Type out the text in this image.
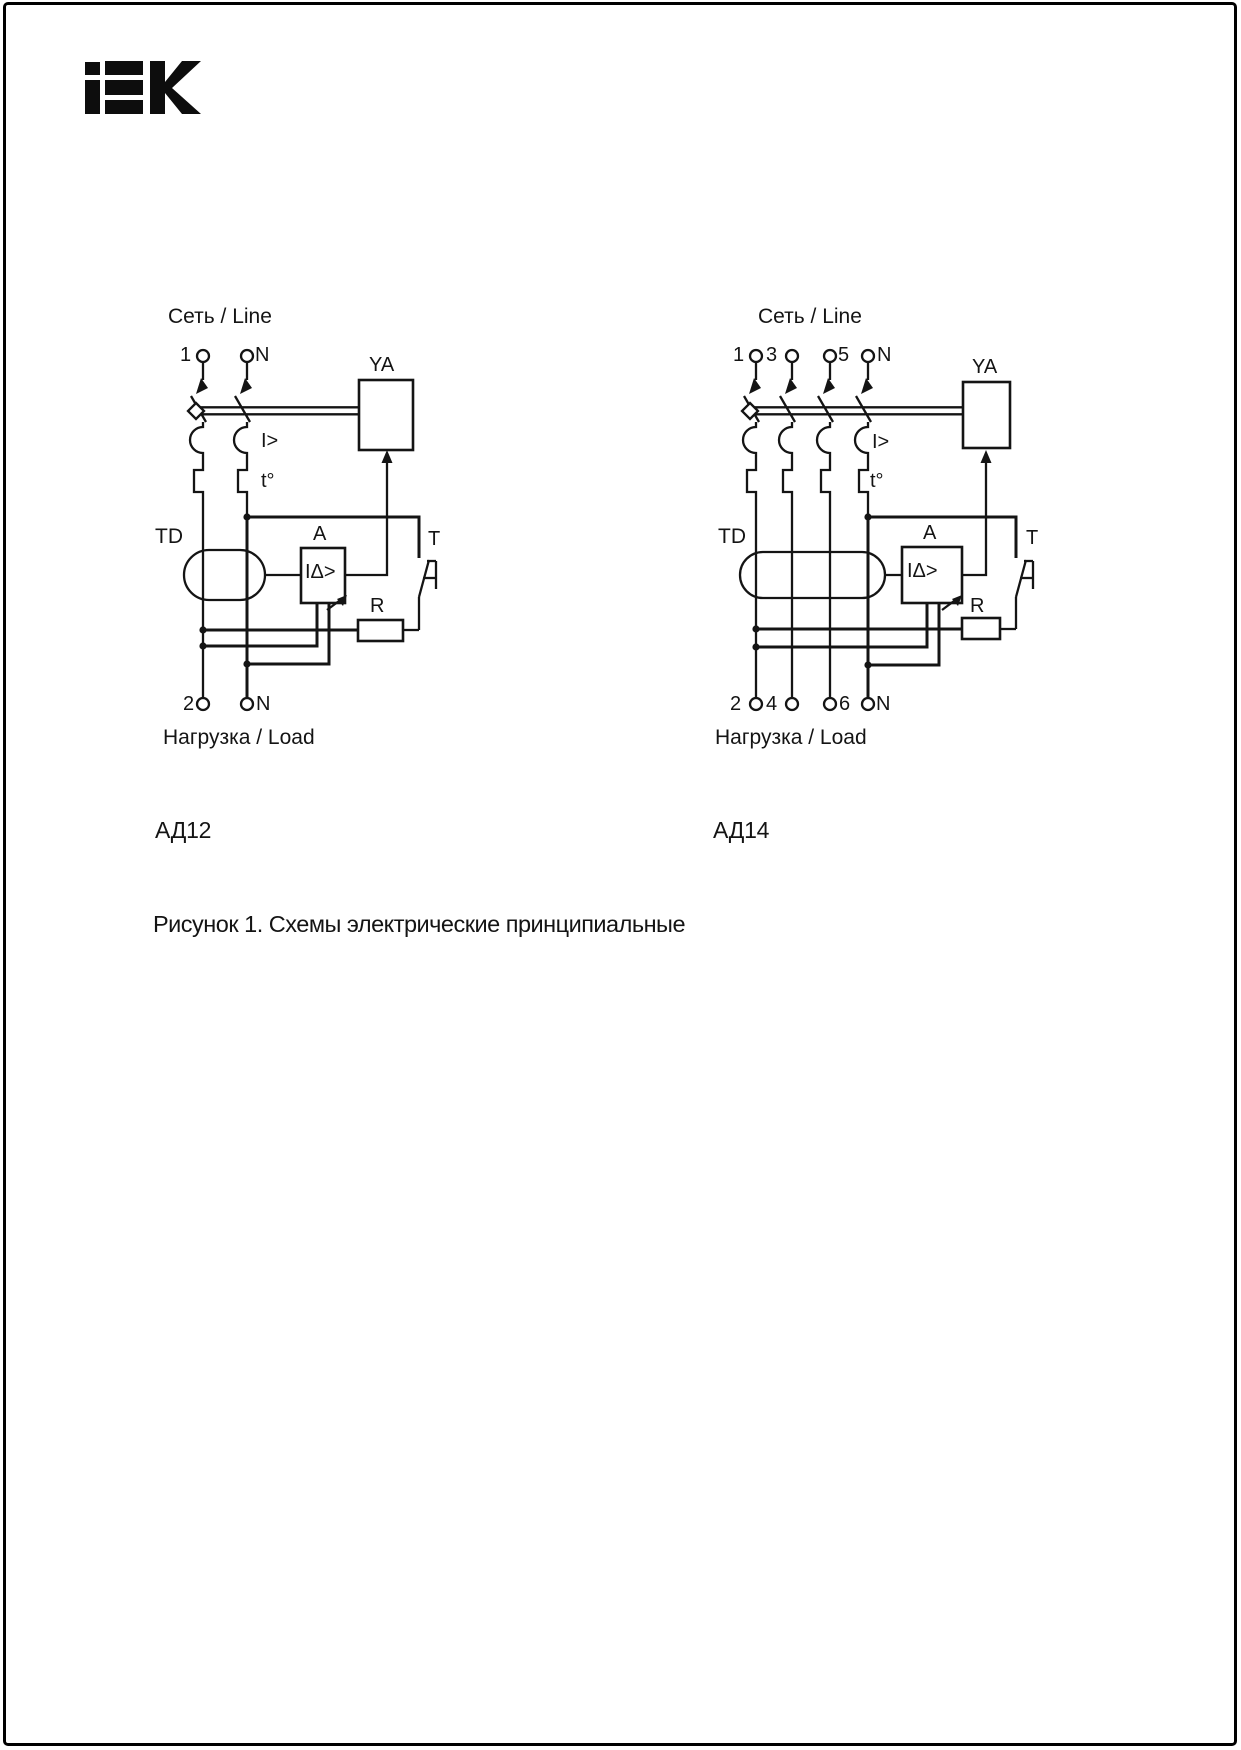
Сеть / Line
1	N	YA
I>
t°
TD	A
IΔ>
T
R
2	N
Нагрузка / Load
АД12
Сеть / Line
1 3	5 N
YA
I>
t°
TD	A
IΔ>
T
R
2 4	6 N
Нагрузка / Load
АД14
Рисунок 1. Схемы электрические принципиальные
